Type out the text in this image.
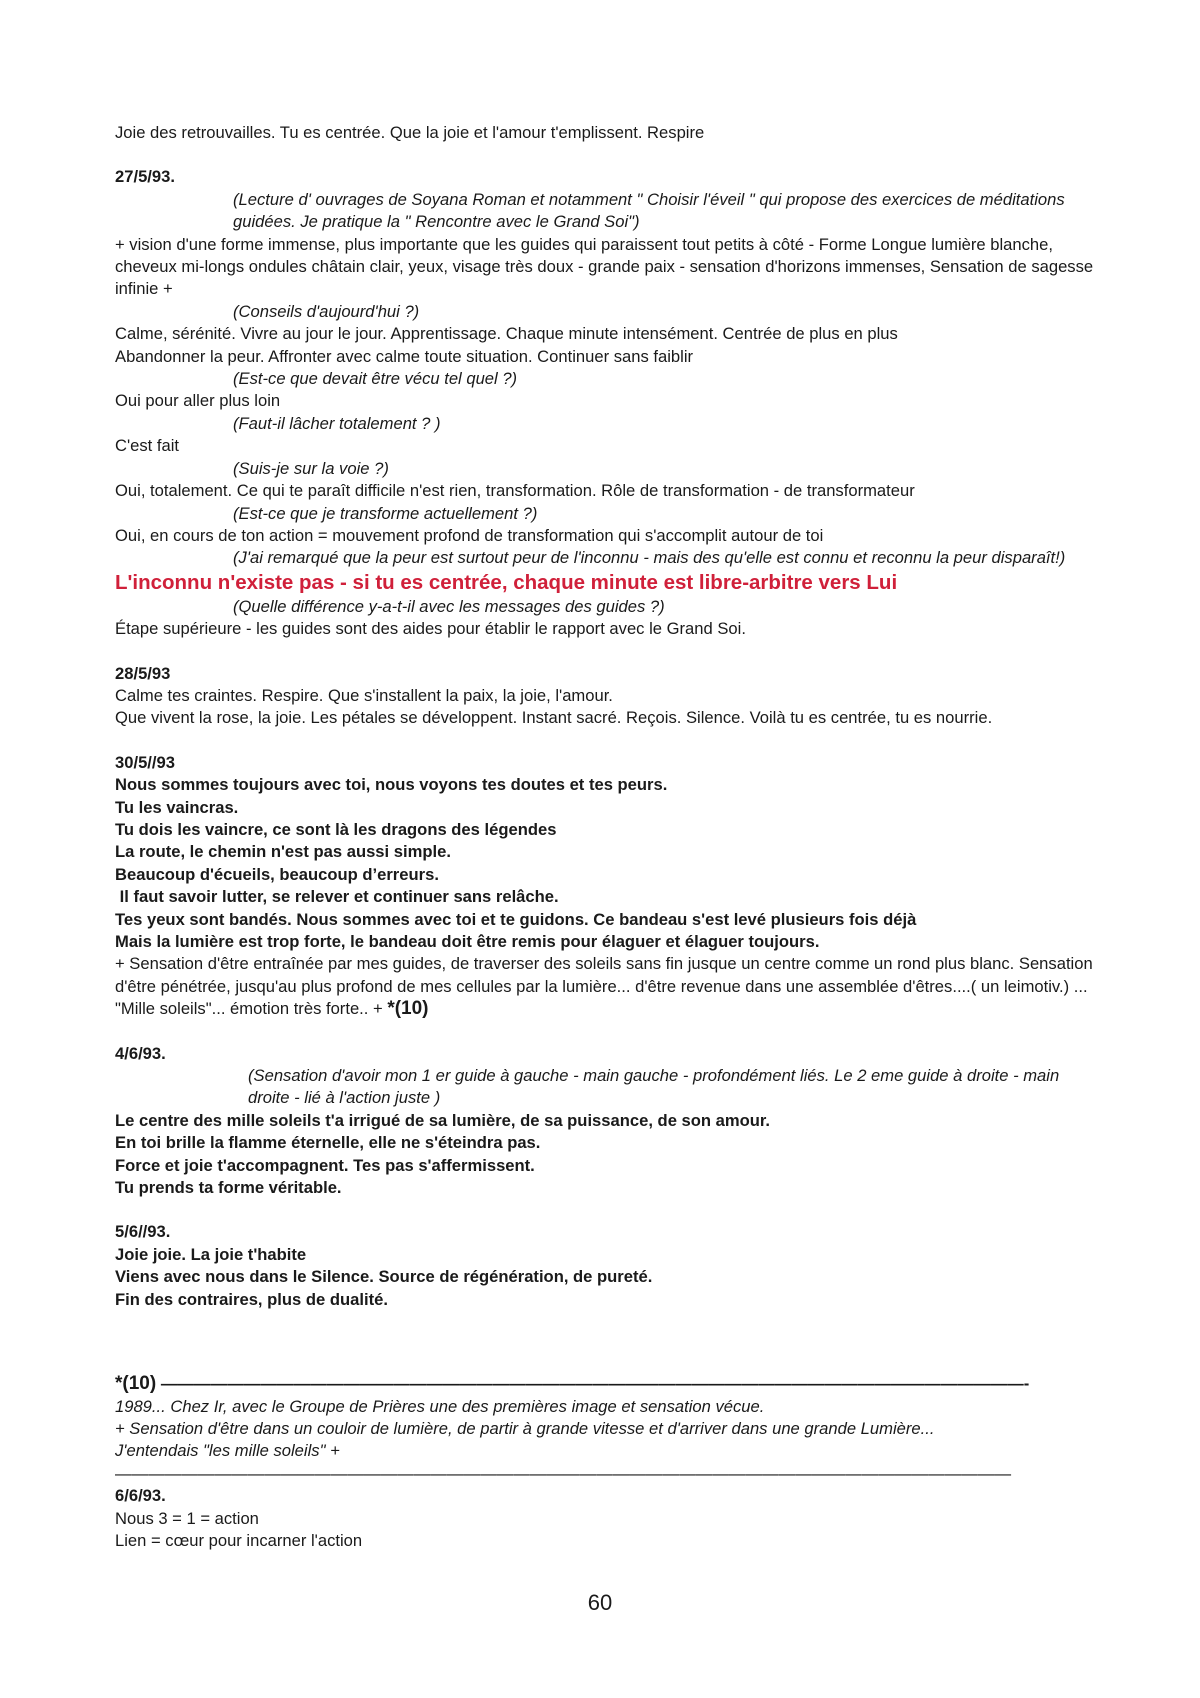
Joie des retrouvailles. Tu es centrée. Que la joie et l'amour t'emplissent. Respire
27/5/93.
(Lecture d' ouvrages de Soyana Roman et notamment " Choisir l'éveil " qui propose des exercices de méditations guidées. Je pratique la " Rencontre avec le Grand Soi")
+ vision d'une forme immense, plus importante que les guides qui paraissent tout petits à côté - Forme Longue lumière blanche, cheveux mi-longs ondules châtain clair, yeux, visage très doux - grande paix - sensation d'horizons immenses, Sensation de sagesse infinie +
(Conseils d'aujourd'hui ?)
Calme, sérénité. Vivre au jour le jour. Apprentissage. Chaque minute intensément. Centrée de plus en plus
Abandonner la peur. Affronter avec calme toute situation. Continuer sans faiblir
(Est-ce que devait être vécu tel quel ?)
Oui pour aller plus loin
(Faut-il lâcher totalement ? )
C'est fait
(Suis-je sur la voie ?)
Oui, totalement. Ce qui te paraît difficile n'est rien, transformation. Rôle de transformation - de transformateur
(Est-ce que je transforme actuellement ?)
Oui, en cours de ton action = mouvement profond de transformation qui s'accomplit autour de toi
(J'ai remarqué que la peur est surtout peur de l'inconnu - mais des qu'elle est connu et reconnu la peur disparaît!)
L'inconnu n'existe pas - si tu es centrée, chaque minute est libre-arbitre vers Lui
(Quelle différence y-a-t-il avec les messages des guides ?)
Étape supérieure - les guides sont des aides pour établir le rapport avec le Grand Soi.
28/5/93
Calme tes craintes. Respire. Que s'installent la paix, la joie, l'amour.
Que vivent la rose, la joie. Les pétales se développent. Instant sacré. Reçois. Silence. Voilà tu es centrée, tu es nourrie.
30/5//93
Nous sommes toujours avec toi, nous voyons tes doutes et tes peurs.
Tu les vaincras.
Tu dois les vaincre, ce sont là les dragons des légendes
La route, le chemin n'est pas aussi simple.
Beaucoup d'écueils, beaucoup d’erreurs.
Il faut savoir lutter, se relever et continuer sans relâche.
Tes yeux sont bandés. Nous sommes avec toi et te guidons. Ce bandeau s'est levé plusieurs fois déjà
Mais la lumière est trop forte, le bandeau doit être remis pour élaguer et élaguer toujours.
+ Sensation d'être entraînée par mes guides, de traverser des soleils sans fin jusque un centre comme un rond plus blanc. Sensation d'être pénétrée, jusqu'au plus profond de mes cellules par la lumière... d'être revenue dans une assemblée d'êtres....( un leimotiv.) ... "Mille soleils"... émotion très forte.. + *(10)
4/6/93.
(Sensation d'avoir mon 1 er guide à gauche - main gauche - profondément liés. Le 2 eme guide à droite - main droite - lié à l'action juste )
Le centre des mille soleils t'a irrigué de sa lumière, de sa puissance, de son amour.
En toi brille la flamme éternelle, elle ne s'éteindra pas.
Force et joie t'accompagnent. Tes pas s'affermissent.
Tu prends ta forme véritable.
5/6//93.
Joie joie. La joie t'habite
Viens avec nous dans le Silence. Source de régénération, de pureté.
Fin des contraires, plus de dualité.
*(10) ————————————————————————————————————————————————————-
1989... Chez Ir, avec le Groupe de Prières une des premières image et sensation vécue.
+ Sensation d'être dans un couloir de lumière, de partir à grande vitesse et d'arriver dans une grande Lumière...
J'entendais "les mille soleils" +
——————————————————————————————————————————————————————
6/6/93.
Nous 3 = 1 = action
Lien = cœur pour incarner l'action
60
